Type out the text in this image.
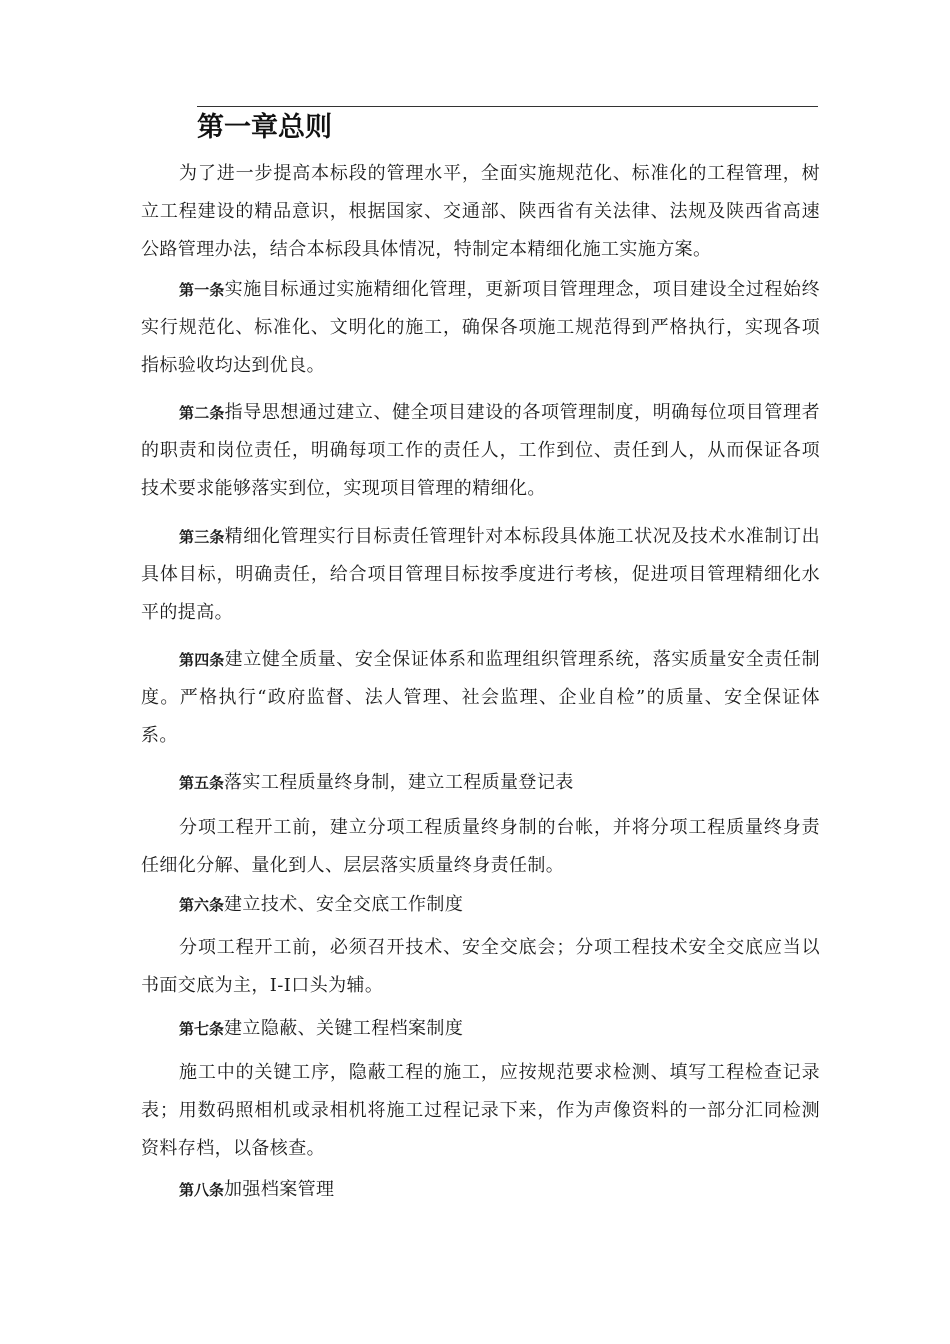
第一章总则

为了进一步提高本标段的管理水平，全面实施规范化、标准化的工程管理，树立工程建设的精品意识，根据国家、交通部、陕西省有关法律、法规及陕西省高速公路管理办法，结合本标段具体情况，特制定本精细化施工实施方案。

第一条实施目标通过实施精细化管理，更新项目管理理念，项目建设全过程始终实行规范化、标准化、文明化的施工，确保各项施工规范得到严格执行，实现各项指标验收均达到优良。

第二条指导思想通过建立、健全项目建设的各项管理制度，明确每位项目管理者的职责和岗位责任，明确每项工作的责任人，工作到位、责任到人，从而保证各项技术要求能够落实到位，实现项目管理的精细化。

第三条精细化管理实行目标责任管理针对本标段具体施工状况及技术水准制订出具体目标，明确责任，给合项目管理目标按季度进行考核，促进项目管理精细化水平的提高。

第四条建立健全质量、安全保证体系和监理组织管理系统，落实质量安全责任制度。严格执行“政府监督、法人管理、社会监理、企业自检”的质量、安全保证体系。

第五条落实工程质量终身制，建立工程质量登记表

分项工程开工前，建立分项工程质量终身制的台帐，并将分项工程质量终身责任细化分解、量化到人、层层落实质量终身责任制。

第六条建立技术、安全交底工作制度

分项工程开工前，必须召开技术、安全交底会；分项工程技术安全交底应当以书面交底为主，I-I口头为辅。

第七条建立隐蔽、关键工程档案制度

施工中的关键工序，隐蔽工程的施工，应按规范要求检测、填写工程检查记录表；用数码照相机或录相机将施工过程记录下来，作为声像资料的一部分汇同检测资料存档，以备核查。

第八条加强档案管理
